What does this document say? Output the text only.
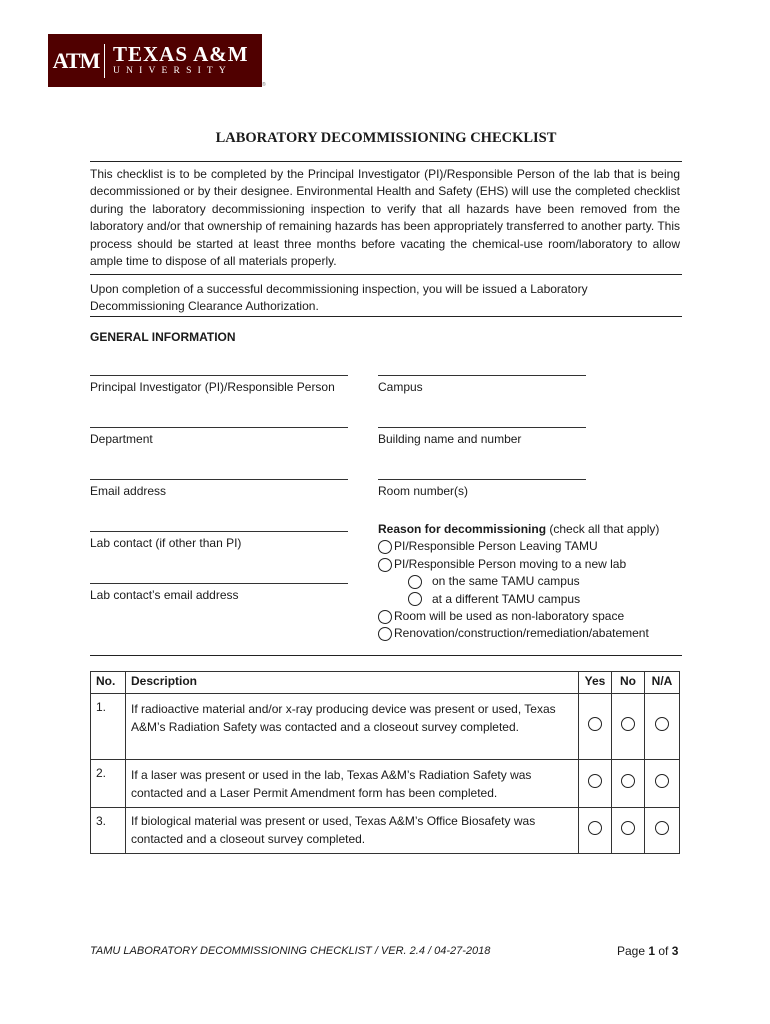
ATM TEXAS A&M
UNIVERSITY
®
LABORATORY DECOMMISSIONING CHECKLIST
This checklist is to be completed by the Principal Investigator (PI)/Responsible Person of the lab that is being decommissioned or by their designee. Environmental Health and Safety (EHS) will use the completed checklist during the laboratory decommissioning inspection to verify that all hazards have been removed from the laboratory and/or that ownership of remaining hazards has been appropriately transferred to another party. This process should be started at least three months before vacating the chemical-use room/laboratory to allow ample time to dispose of all materials properly.
Upon completion of a successful decommissioning inspection, you will be issued a Laboratory Decommissioning Clearance Authorization.
GENERAL INFORMATION
Principal Investigator (PI)/Responsible Person
Department
Email address
Lab contact (if other than PI)
Lab contact’s email address
Campus
Building name and number
Room number(s)
Reason for decommissioning (check all that apply)
PI/Responsible Person Leaving TAMU
PI/Responsible Person moving to a new lab
on the same TAMU campus
at a different TAMU campus
Room will be used as non-laboratory space
Renovation/construction/remediation/abatement
No.	Description	Yes	No	N/A
1.	If radioactive material and/or x-ray producing device was present or used, Texas A&M’s Radiation Safety was contacted and a closeout survey completed.			
2.	If a laser was present or used in the lab, Texas A&M’s Radiation Safety was contacted and a Laser Permit Amendment form has been completed.			
3.	If biological material was present or used, Texas A&M’s Office Biosafety was contacted and a closeout survey completed.			
TAMU LABORATORY DECOMMISSIONING CHECKLIST / VER. 2.4 / 04-27-2018	Page 1 of 3
